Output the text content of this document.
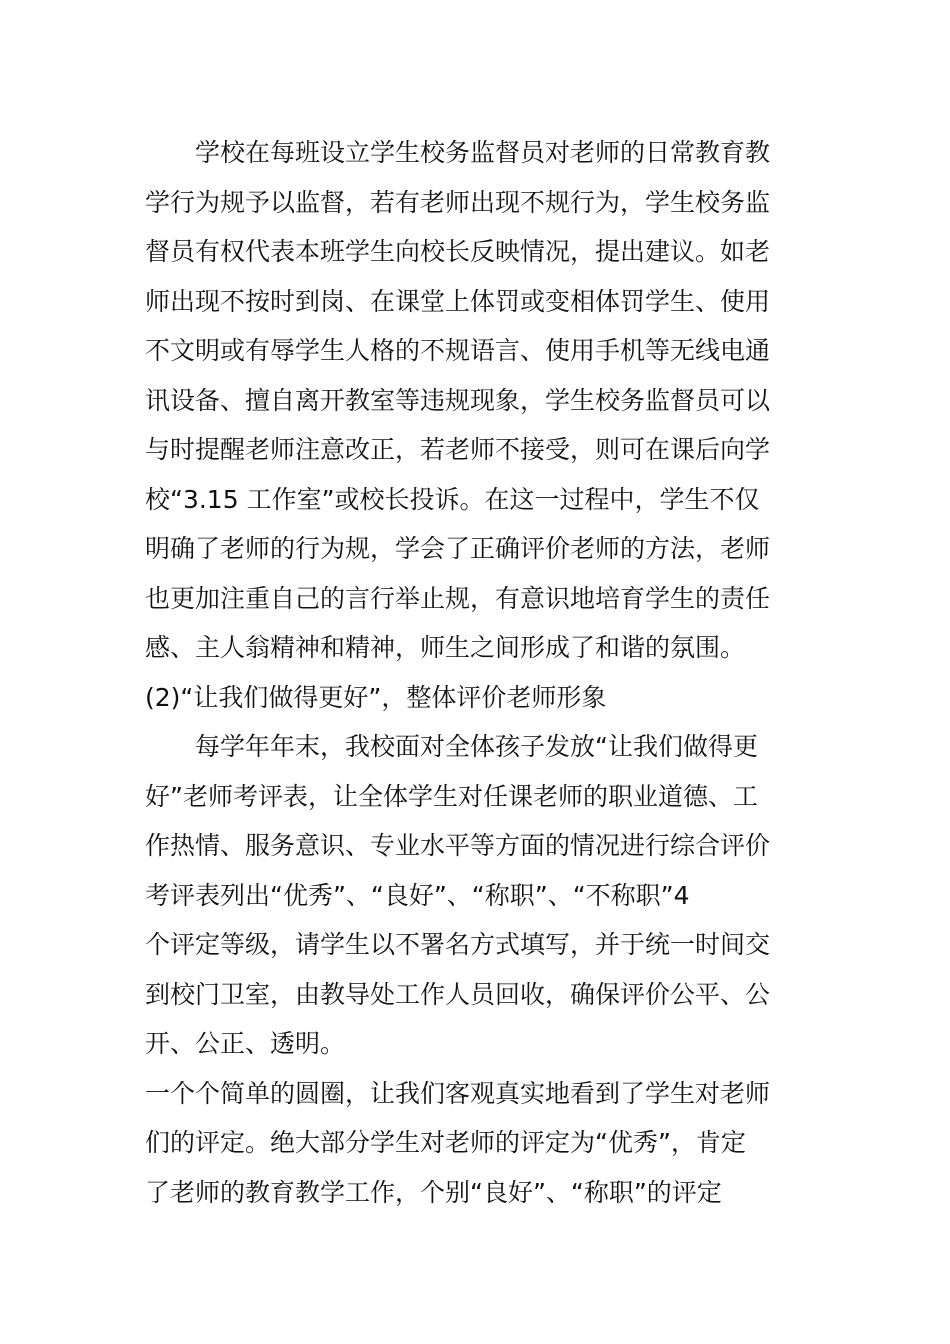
学校在每班设立学生校务监督员对老师的日常教育教
学行为规予以监督，若有老师出现不规行为，学生校务监
督员有权代表本班学生向校长反映情况，提出建议。如老
师出现不按时到岗、在课堂上体罚或变相体罚学生、使用
不文明或有辱学生人格的不规语言、使用手机等无线电通
讯设备、擅自离开教室等违规现象，学生校务监督员可以
与时提醒老师注意改正，若老师不接受，则可在课后向学
校“3.15 工作室”或校长投诉。在这一过程中，学生不仅
明确了老师的行为规，学会了正确评价老师的方法，老师
也更加注重自己的言行举止规，有意识地培育学生的责任
感、主人翁精神和精神，师生之间形成了和谐的氛围。
(2)“让我们做得更好”，整体评价老师形象
每学年年末，我校面对全体孩子发放“让我们做得更
好”老师考评表，让全体学生对任课老师的职业道德、工
作热情、服务意识、专业水平等方面的情况进行综合评价
考评表列出“优秀”、“良好”、“称职”、“不称职”4
个评定等级，请学生以不署名方式填写，并于统一时间交
到校门卫室，由教导处工作人员回收，确保评价公平、公
开、公正、透明。
一个个简单的圆圈，让我们客观真实地看到了学生对老师
们的评定。绝大部分学生对老师的评定为“优秀”，肯定
了老师的教育教学工作，个别“良好”、“称职”的评定
